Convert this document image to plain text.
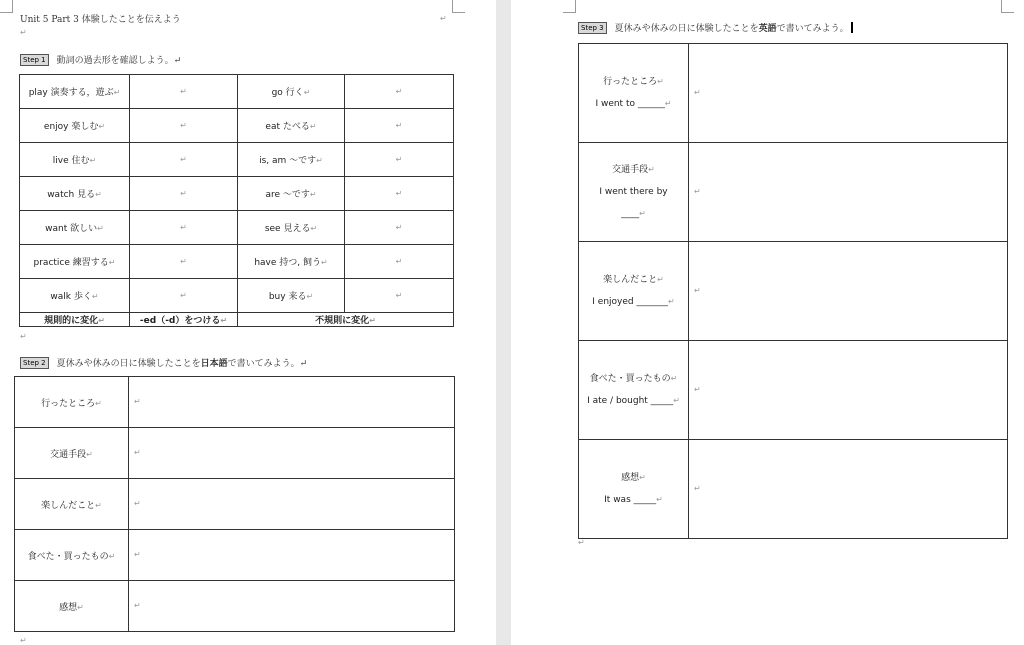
Unit 5 Part 3 体験したことを伝えよう	↵
↵
Step 1	動詞の過去形を確認しよう。↵
play 演奏する，遊ぶ↵	↵	go 行く↵	↵
enjoy 楽しむ↵	↵	eat たべる↵	↵
live 住む↵	↵	is, am ～です↵	↵
watch 見る↵	↵	are ～です↵	↵
want 欲しい↵	↵	see 見える↵	↵
practice 練習する↵	↵	have 持つ, 飼う↵	↵
walk 歩く↵	↵	buy 来る↵	↵
規則的に変化↵	-ed（-d）をつける↵	不規則に変化↵	
↵
Step 2	夏休みや休みの日に体験したことを 日本語 で書いてみよう。↵
行ったところ↵	↵
交通手段↵	↵
楽しんだこと↵	↵
食べた・買ったもの↵	↵
感想↵	↵
↵
Step 3	夏休みや休みの日に体験したことを 英語 で書いてみよう。
行ったところ↵
I went to ______↵	↵

交通手段↵
I went there by
____↵	↵

楽しんだこと↵
I enjoyed _______↵	↵

食べた・買ったもの↵
I ate / bought _____↵	↵

感想↵
It was _____↵	↵
↵
